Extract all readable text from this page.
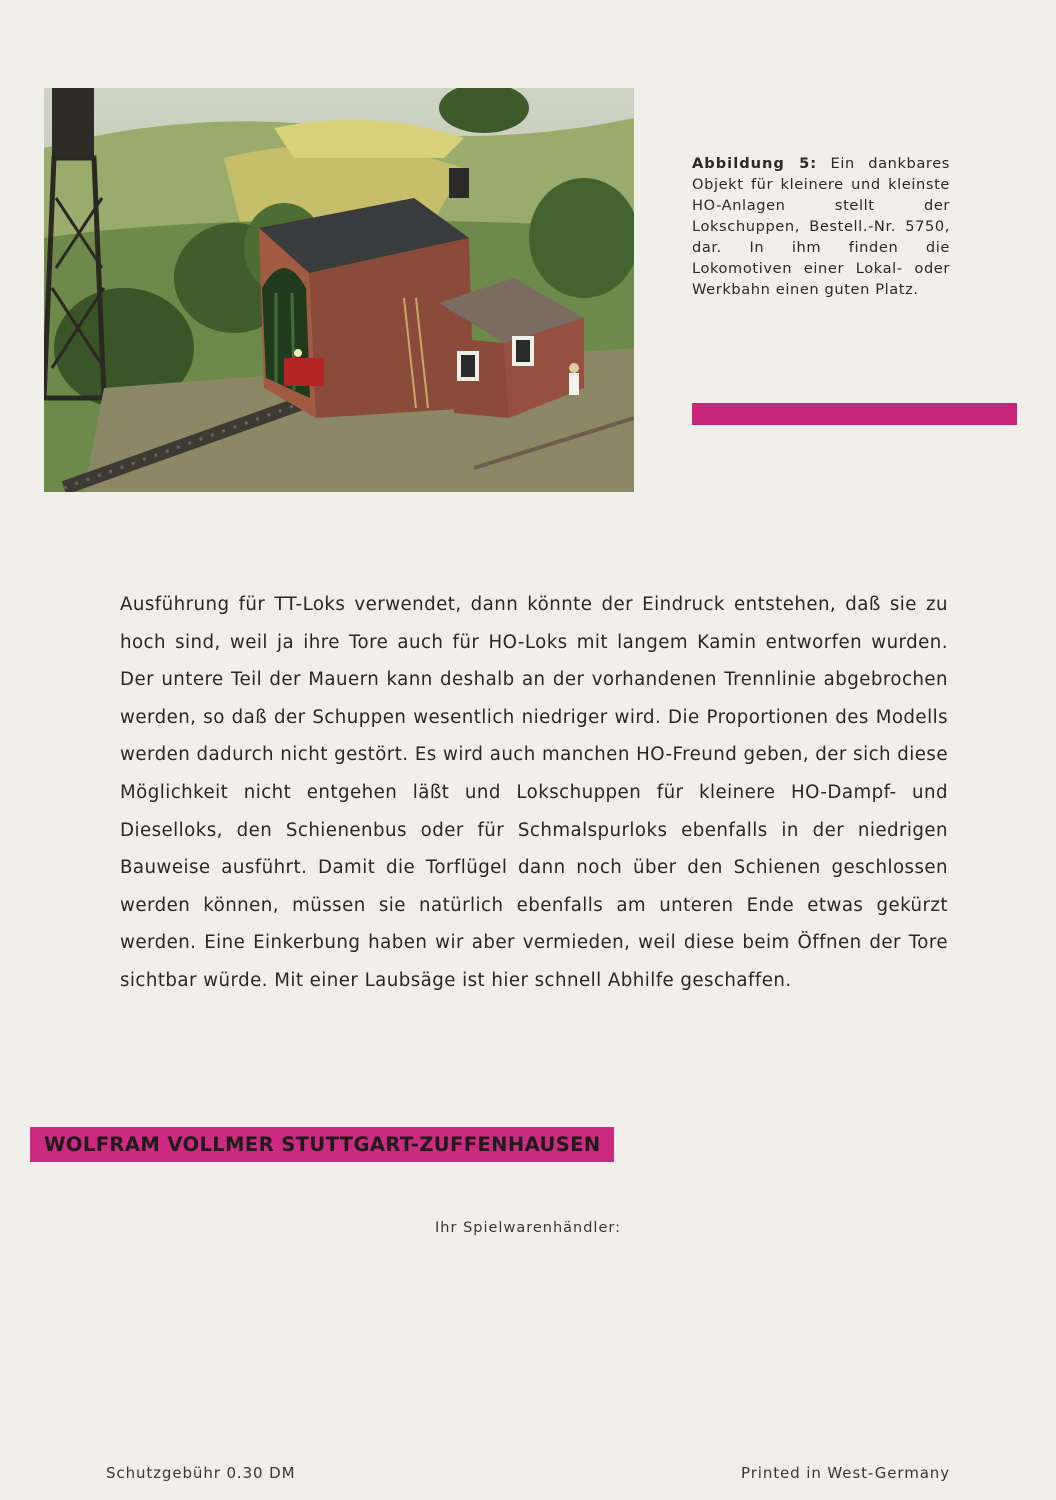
Abbildung 5: Ein dankbares Objekt für kleinere und kleinste HO-Anlagen stellt der Lokschuppen, Bestell.-Nr. 5750, dar. In ihm finden die Lokomotiven einer Lokal- oder Werkbahn einen guten Platz.
Ausführung für TT-Loks verwendet, dann könnte der Eindruck entstehen, daß sie zu hoch sind, weil ja ihre Tore auch für HO-Loks mit langem Kamin entworfen wurden. Der untere Teil der Mauern kann deshalb an der vorhandenen Trennlinie abgebrochen werden, so daß der Schuppen wesentlich niedriger wird. Die Proportionen des Modells werden dadurch nicht gestört. Es wird auch manchen HO-Freund geben, der sich diese Möglichkeit nicht entgehen läßt und Lokschuppen für kleinere HO-Dampf- und Dieselloks, den Schienenbus oder für Schmalspurloks ebenfalls in der niedrigen Bauweise ausführt. Damit die Torflügel dann noch über den Schienen geschlossen werden können, müssen sie natürlich ebenfalls am unteren Ende etwas gekürzt werden. Eine Einkerbung haben wir aber vermieden, weil diese beim Öffnen der Tore sichtbar würde. Mit einer Laubsäge ist hier schnell Abhilfe geschaffen.
WOLFRAM VOLLMER STUTTGART-ZUFFENHAUSEN
Ihr Spielwarenhändler:
Schutzgebühr 0.30 DM	Printed in West-Germany
